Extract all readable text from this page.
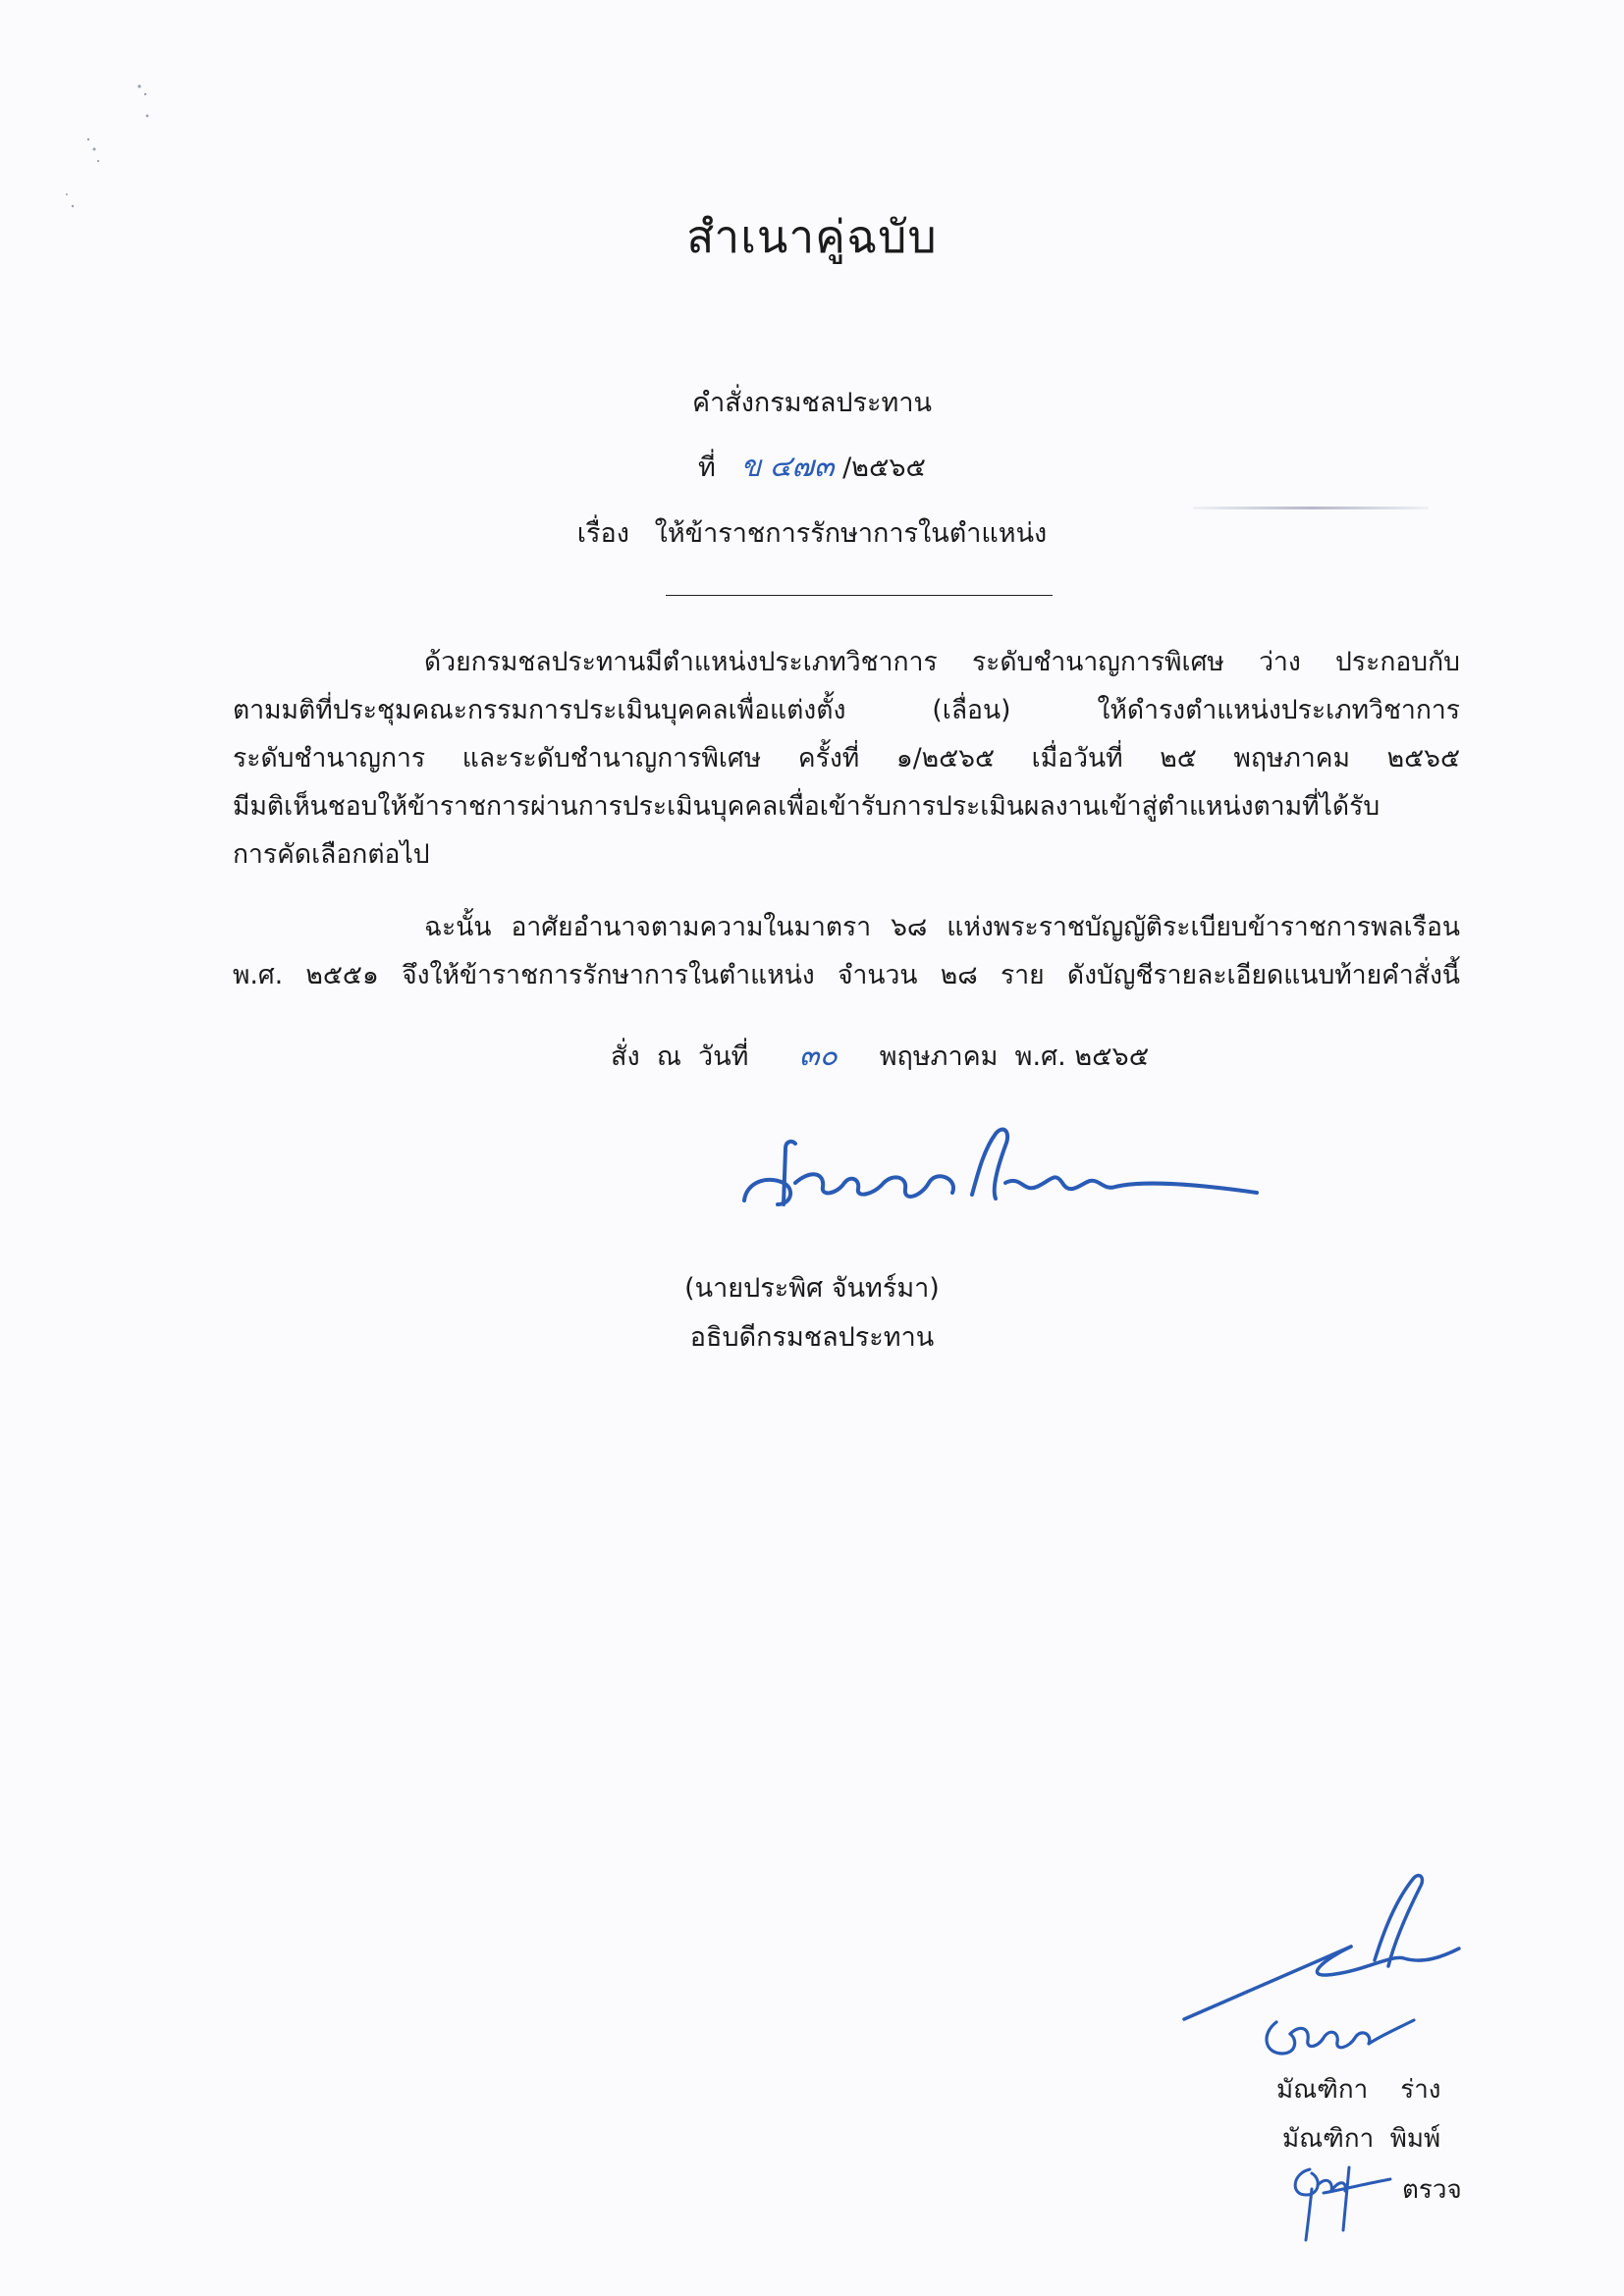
สำเนาคู่ฉบับ
คำสั่งกรมชลประทาน
ที่ ข ๔๗๓ /๒๕๖๕
เรื่อง ให้ข้าราชการรักษาการในตำแหน่ง
ด้วยกรมชลประทานมีตำแหน่งประเภทวิชาการ ระดับชำนาญการพิเศษ ว่าง ประกอบกับ
ตามมติที่ประชุมคณะกรรมการประเมินบุคคลเพื่อแต่งตั้ง (เลื่อน) ให้ดำรงตำแหน่งประเภทวิชาการ
ระดับชำนาญการ และระดับชำนาญการพิเศษ ครั้งที่ ๑/๒๕๖๕ เมื่อวันที่ ๒๕ พฤษภาคม ๒๕๖๕
มีมติเห็นชอบให้ข้าราชการผ่านการประเมินบุคคลเพื่อเข้ารับการประเมินผลงานเข้าสู่ตำแหน่งตามที่ได้รับ
การคัดเลือกต่อไป
ฉะนั้น อาศัยอำนาจตามความในมาตรา ๖๘ แห่งพระราชบัญญัติระเบียบข้าราชการพลเรือน
พ.ศ. ๒๕๕๑ จึงให้ข้าราชการรักษาการในตำแหน่ง จำนวน ๒๘ ราย ดังบัญชีรายละเอียดแนบท้ายคำสั่งนี้
สั่ง  ณ  วันที่ ๓๐ พฤษภาคม  พ.ศ. ๒๕๖๕
(นายประพิศ จันทร์มา)
อธิบดีกรมชลประทาน
มัณฑิกา    ร่าง
มัณฑิกา  พิมพ์
ตรวจ
